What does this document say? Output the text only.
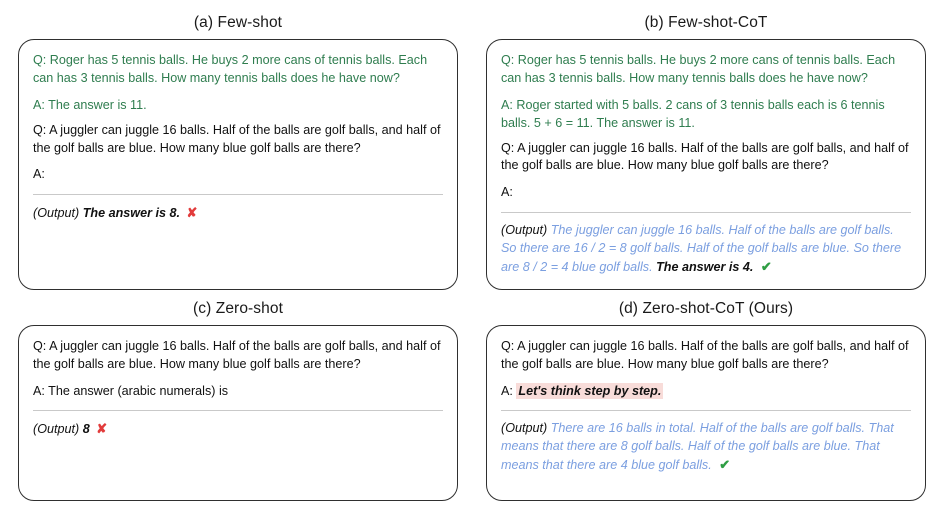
(a) Few-shot
Q: Roger has 5 tennis balls. He buys 2 more cans of tennis balls. Each can has 3 tennis balls. How many tennis balls does he have now?
A: The answer is 11.
Q: A juggler can juggle 16 balls. Half of the balls are golf balls, and half of the golf balls are blue. How many blue golf balls are there?
A:
(Output) The answer is 8. ✘
(b) Few-shot-CoT
Q: Roger has 5 tennis balls. He buys 2 more cans of tennis balls. Each can has 3 tennis balls. How many tennis balls does he have now?
A: Roger started with 5 balls. 2 cans of 3 tennis balls each is 6 tennis balls. 5 + 6 = 11. The answer is 11.
Q: A juggler can juggle 16 balls. Half of the balls are golf balls, and half of the golf balls are blue. How many blue golf balls are there?
A:
(Output) The juggler can juggle 16 balls. Half of the balls are golf balls. So there are 16 / 2 = 8 golf balls. Half of the golf balls are blue. So there are 8 / 2 = 4 blue golf balls. The answer is 4. ✔
(c) Zero-shot
Q: A juggler can juggle 16 balls. Half of the balls are golf balls, and half of the golf balls are blue. How many blue golf balls are there?
A: The answer (arabic numerals) is
(Output) 8 ✘
(d) Zero-shot-CoT (Ours)
Q: A juggler can juggle 16 balls. Half of the balls are golf balls, and half of the golf balls are blue. How many blue golf balls are there?
A: Let's think step by step.
(Output) There are 16 balls in total. Half of the balls are golf balls. That means that there are 8 golf balls. Half of the golf balls are blue. That means that there are 4 blue golf balls. ✔
